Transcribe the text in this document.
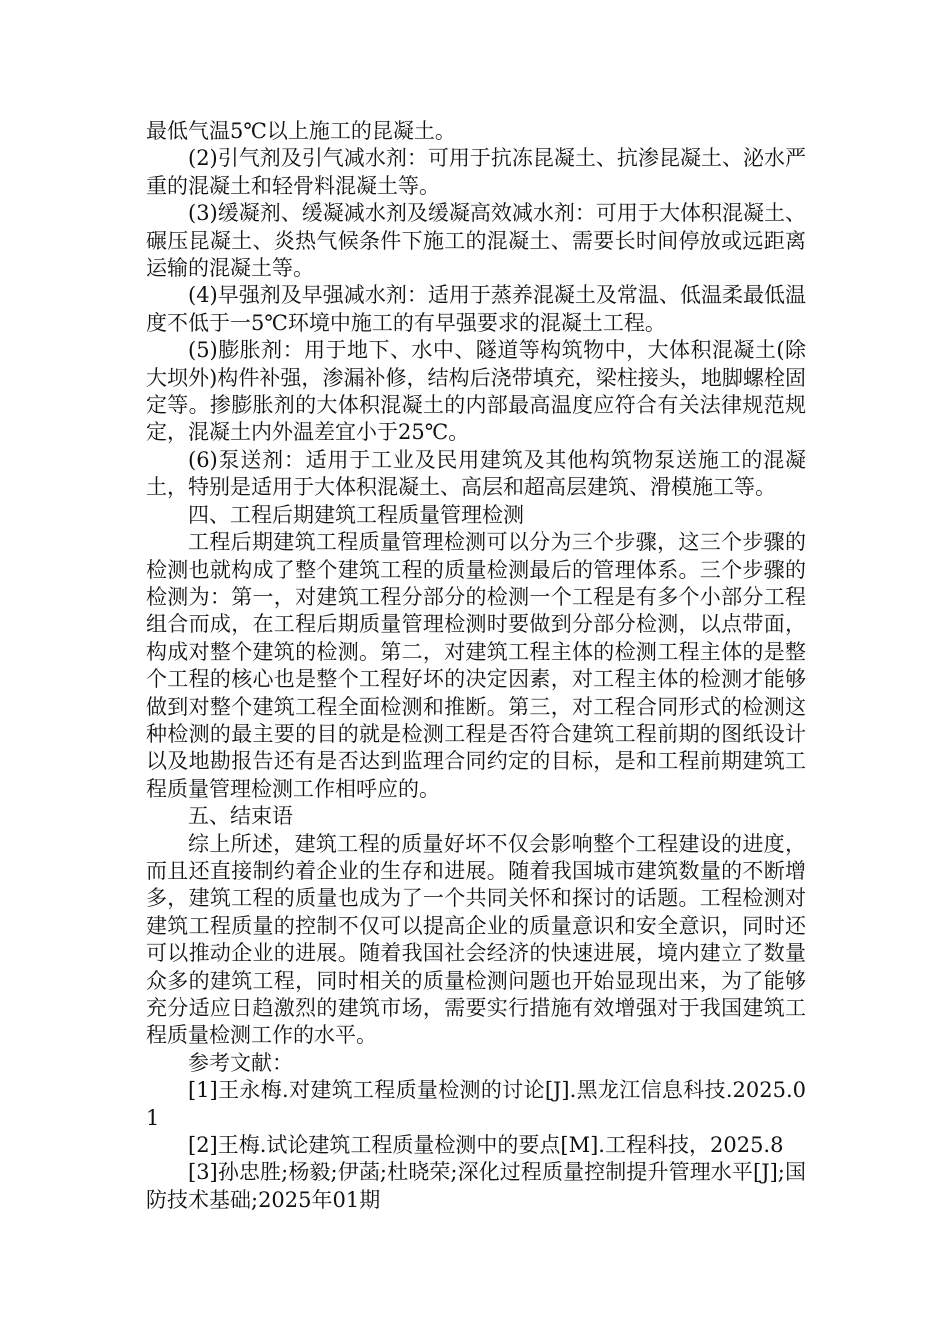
最低气温5℃以上施工的昆凝土。

(2)引气剂及引气减水剂：可用于抗冻昆凝土、抗渗昆凝土、泌水严重的混凝土和轻骨料混凝土等。

(3)缓凝剂、缓凝减水剂及缓凝高效减水剂：可用于大体积混凝土、碾压昆凝土、炎热气候条件下施工的混凝土、需要长时间停放或远距离运输的混凝土等。

(4)早强剂及早强减水剂：适用于蒸养混凝土及常温、低温柔最低温度不低于一5℃环境中施工的有早强要求的混凝土工程。

(5)膨胀剂：用于地下、水中、隧道等构筑物中，大体积混凝土(除大坝外)构件补强，渗漏补修，结构后浇带填充，梁柱接头，地脚螺栓固定等。掺膨胀剂的大体积混凝土的内部最高温度应符合有关法律规范规定，混凝土内外温差宜小于25℃。

(6)泵送剂：适用于工业及民用建筑及其他构筑物泵送施工的混凝土，特别是适用于大体积混凝土、高层和超高层建筑、滑模施工等。

四、工程后期建筑工程质量管理检测

工程后期建筑工程质量管理检测可以分为三个步骤，这三个步骤的检测也就构成了整个建筑工程的质量检测最后的管理体系。三个步骤的检测为：第一，对建筑工程分部分的检测一个工程是有多个小部分工程组合而成，在工程后期质量管理检测时要做到分部分检测，以点带面，构成对整个建筑的检测。第二，对建筑工程主体的检测工程主体的是整个工程的核心也是整个工程好坏的决定因素，对工程主体的检测才能够做到对整个建筑工程全面检测和推断。第三，对工程合同形式的检测这种检测的最主要的目的就是检测工程是否符合建筑工程前期的图纸设计以及地勘报告还有是否达到监理合同约定的目标，是和工程前期建筑工程质量管理检测工作相呼应的。

五、结束语

综上所述，建筑工程的质量好坏不仅会影响整个工程建设的进度，而且还直接制约着企业的生存和进展。随着我国城市建筑数量的不断增多，建筑工程的质量也成为了一个共同关怀和探讨的话题。工程检测对建筑工程质量的控制不仅可以提高企业的质量意识和安全意识，同时还可以推动企业的进展。随着我国社会经济的快速进展，境内建立了数量众多的建筑工程，同时相关的质量检测问题也开始显现出来，为了能够充分适应日趋激烈的建筑市场，需要实行措施有效增强对于我国建筑工程质量检测工作的水平。

参考文献：

[1]王永梅.对建筑工程质量检测的讨论[J].黑龙江信息科技.2025.01

[2]王梅.试论建筑工程质量检测中的要点[M].工程科技，2025.8

[3]孙忠胜;杨毅;伊菡;杜晓荣;深化过程质量控制提升管理水平[J];国防技术基础;2025年01期
